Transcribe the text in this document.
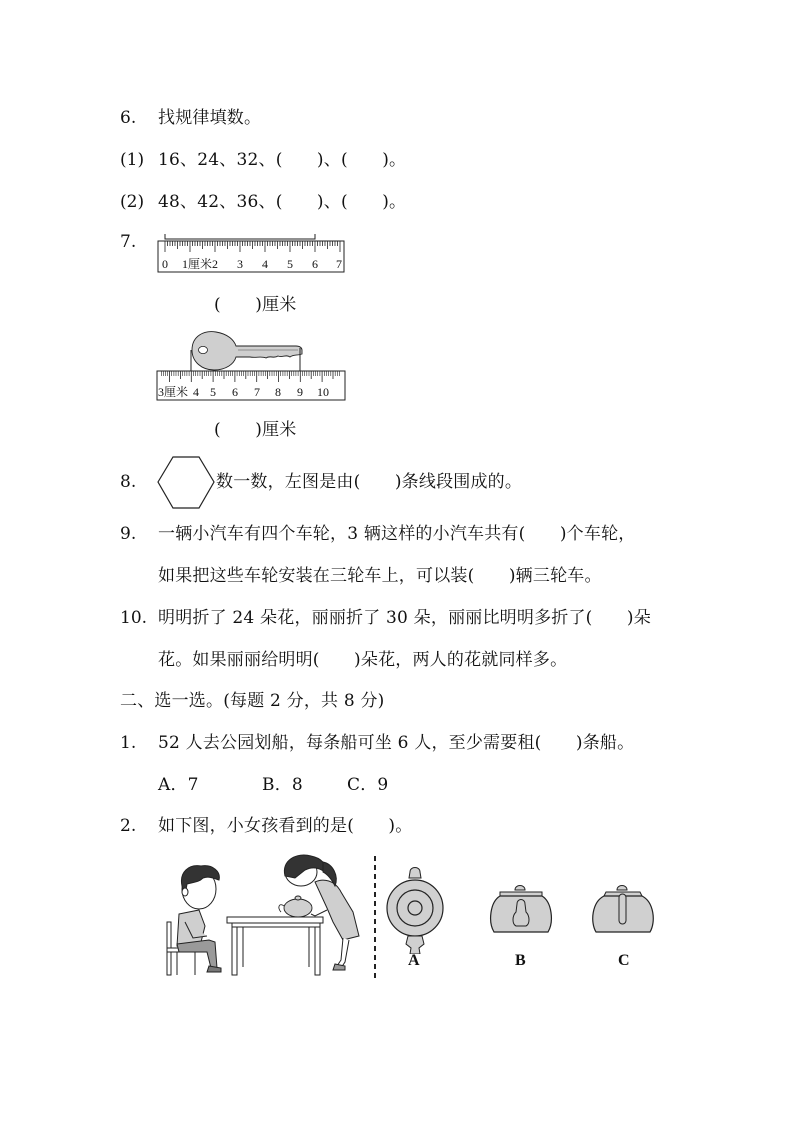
6. 找规律填数。
(1) 16、24、32、(　　)、(　　)。
(2) 48、42、36、(　　)、(　　)。
7.
0 1厘米 2 3 4 5 6 7
(　　)厘米
3厘米 5 6 7 8 9 10
4
(　　)厘米
8.	数一数，左图是由(　　)条线段围成的。
9. 一辆小汽车有四个车轮，3 辆这样的小汽车共有(　　)个车轮，
如果把这些车轮安装在三轮车上，可以装(　　)辆三轮车。
10. 明明折了 24 朵花，丽丽折了 30 朵，丽丽比明明多折了(　　)朵
花。如果丽丽给明明(　　)朵花，两人的花就同样多。
二、选一选。(每题 2 分，共 8 分)
1. 52 人去公园划船，每条船可坐 6 人，至少需要租(　　)条船。
A．7	B．8	C．9
2. 如下图，小女孩看到的是(　　)。
A	B	C
